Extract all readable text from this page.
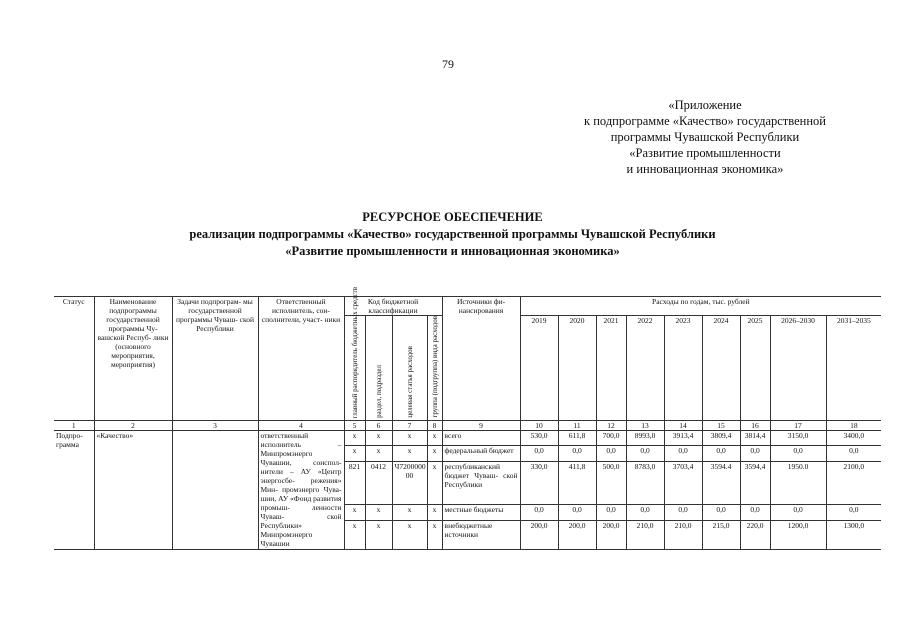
79
«Приложение
к подпрограмме «Качество» государственной
программы Чувашской Республики
«Развитие промышленности
и инновационная экономика»
РЕСУРСНОЕ ОБЕСПЕЧЕНИЕ
реализации подпрограммы «Качество» государственной программы Чувашской Республики
«Развитие промышленности и инновационная экономика»
Статус	Наименование подпрограммы государственной программы Чу- вашской Респуб- лики (основного мероприятия, мероприятия)	Задачи подпрограм- мы государственной программы Чуваш- ской Республики	Ответственный исполнитель, сои- сполнители, участ- ники	Код бюджетной классификации				Источники фи- нансирования	Расходы по годам, тыс. рублей								

				главный распорядитель бюджетных средств	раздел, подраздел	целевая статья расходов	группа (подгруппа) вида расходов		2019	2020	2021	2022	2023	2024	2025	2026–2030	2031–2035
1	2	3	4	5	6	7	8	9	10	11	12	13	14	15	16	17	18
Подпро- грамма	«Качество»		ответственный исполнитель – Минпромэнерго Чувашии, соиспол- нители – АУ «Центр энергосбе- режения» Мин- промэнерго Чува- шии, АУ «Фонд развития промыш- ленности Чуваш- ской Республики» Минпромэнерго Чувашии	x	x	x	x	всего	530,0	611,8	700,0	8993,0	3913,4	3809,4	3814,4	3150,0	3400,0
				x	x	x	x	федеральный бюджет	0,0	0,0	0,0	0,0	0,0	0,0	0,0	0,0	0,0
				821	0412	Ч7200000 00	x	республиканский бюджет Чуваш- ской Республики	330,0	411,8	500,0	8783,0	3703,4	3594.4	3594,4	1950.0	2100,0
				x	x	x	x	местные бюджеты	0,0	0,0	0,0	0,0	0,0	0,0	0,0	0,0	0,0
				x	x	x	x	внебюджетные источники	200,0	200,0	200,0	210,0	210,0	215,0	220,0	1200,0	1300,0
